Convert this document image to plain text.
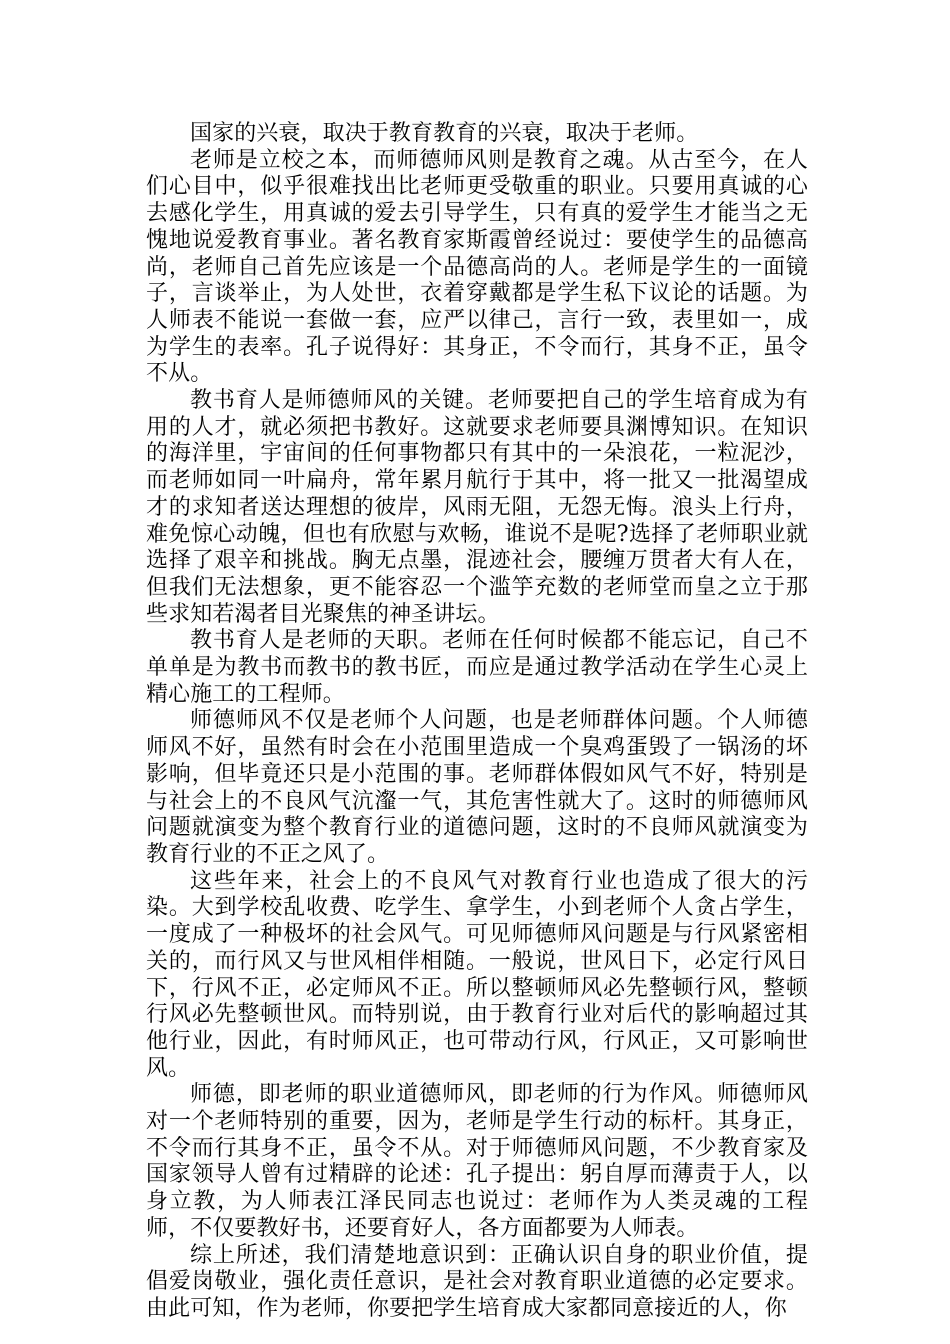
国家的兴衰，取决于教育教育的兴衰，取决于老师。

老师是立校之本，而师德师风则是教育之魂。从古至今，在人们心目中，似乎很难找出比老师更受敬重的职业。只要用真诚的心去感化学生，用真诚的爱去引导学生，只有真的爱学生才能当之无愧地说爱教育事业。著名教育家斯霞曾经说过：要使学生的品德高尚，老师自己首先应该是一个品德高尚的人。老师是学生的一面镜子，言谈举止，为人处世，衣着穿戴都是学生私下议论的话题。为人师表不能说一套做一套，应严以律己，言行一致，表里如一，成为学生的表率。孔子说得好：其身正，不令而行，其身不正，虽令不从。

教书育人是师德师风的关键。老师要把自己的学生培育成为有用的人才，就必须把书教好。这就要求老师要具渊博知识。在知识的海洋里，宇宙间的任何事物都只有其中的一朵浪花，一粒泥沙，而老师如同一叶扁舟，常年累月航行于其中，将一批又一批渴望成才的求知者送达理想的彼岸，风雨无阻，无怨无悔。浪头上行舟，难免惊心动魄，但也有欣慰与欢畅，谁说不是呢?选择了老师职业就选择了艰辛和挑战。胸无点墨，混迹社会，腰缠万贯者大有人在，但我们无法想象，更不能容忍一个滥竽充数的老师堂而皇之立于那些求知若渴者目光聚焦的神圣讲坛。

教书育人是老师的天职。老师在任何时候都不能忘记，自己不单单是为教书而教书的教书匠，而应是通过教学活动在学生心灵上精心施工的工程师。

师德师风不仅是老师个人问题，也是老师群体问题。个人师德师风不好，虽然有时会在小范围里造成一个臭鸡蛋毁了一锅汤的坏影响，但毕竟还只是小范围的事。老师群体假如风气不好，特别是与社会上的不良风气沆瀣一气，其危害性就大了。这时的师德师风问题就演变为整个教育行业的道德问题，这时的不良师风就演变为教育行业的不正之风了。

这些年来，社会上的不良风气对教育行业也造成了很大的污染。大到学校乱收费、吃学生、拿学生，小到老师个人贪占学生，一度成了一种极坏的社会风气。可见师德师风问题是与行风紧密相关的，而行风又与世风相伴相随。一般说，世风日下，必定行风日下，行风不正，必定师风不正。所以整顿师风必先整顿行风，整顿行风必先整顿世风。而特别说，由于教育行业对后代的影响超过其他行业，因此，有时师风正，也可带动行风，行风正，又可影响世风。

师德，即老师的职业道德师风，即老师的行为作风。师德师风对一个老师特别的重要，因为，老师是学生行动的标杆。其身正，不令而行其身不正，虽令不从。对于师德师风问题，不少教育家及国家领导人曾有过精辟的论述：孔子提出：躬自厚而薄责于人，以身立教，为人师表江泽民同志也说过：老师作为人类灵魂的工程师，不仅要教好书，还要育好人，各方面都要为人师表。

综上所述，我们清楚地意识到：正确认识自身的职业价值，提倡爱岗敬业，强化责任意识，是社会对教育职业道德的必定要求。由此可知，作为老师，你要把学生培育成大家都同意接近的人，你
